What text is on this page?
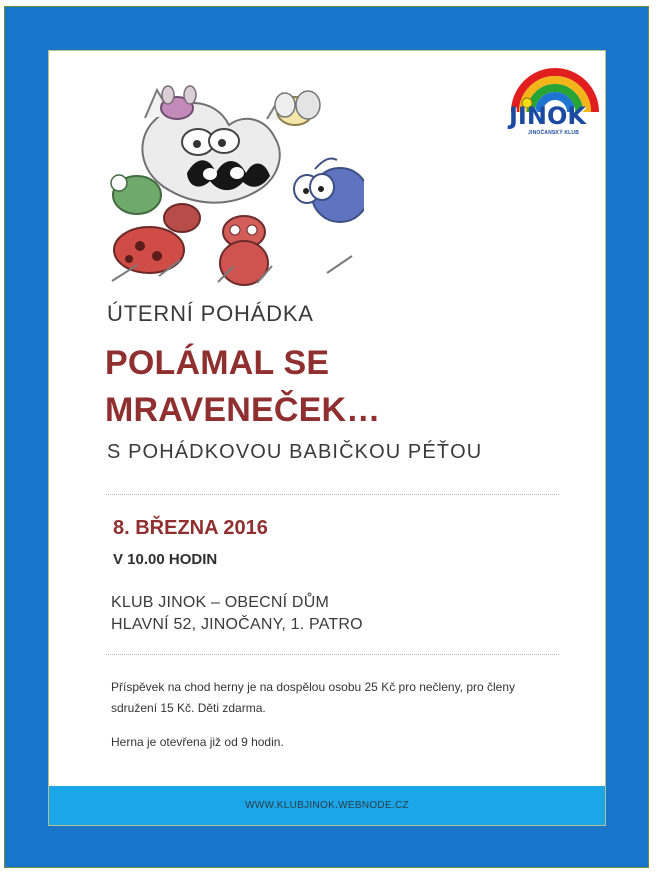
JINOK
JINOČANSKÝ KLUB
ÚTERNÍ POHÁDKA
POLÁMAL SE
MRAVENEČEK…
S POHÁDKOVOU BABIČKOU PÉŤOU
8. BŘEZNA 2016
V 10.00 HODIN
KLUB JINOK – OBECNÍ DŮM
HLAVNÍ 52, JINOČANY, 1. PATRO
Příspěvek na chod herny je na dospělou osobu 25 Kč pro nečleny, pro členy sdružení 15 Kč. Děti zdarma.
Herna je otevřena již od 9 hodin.
WWW.KLUBJINOK.WEBNODE.CZ
